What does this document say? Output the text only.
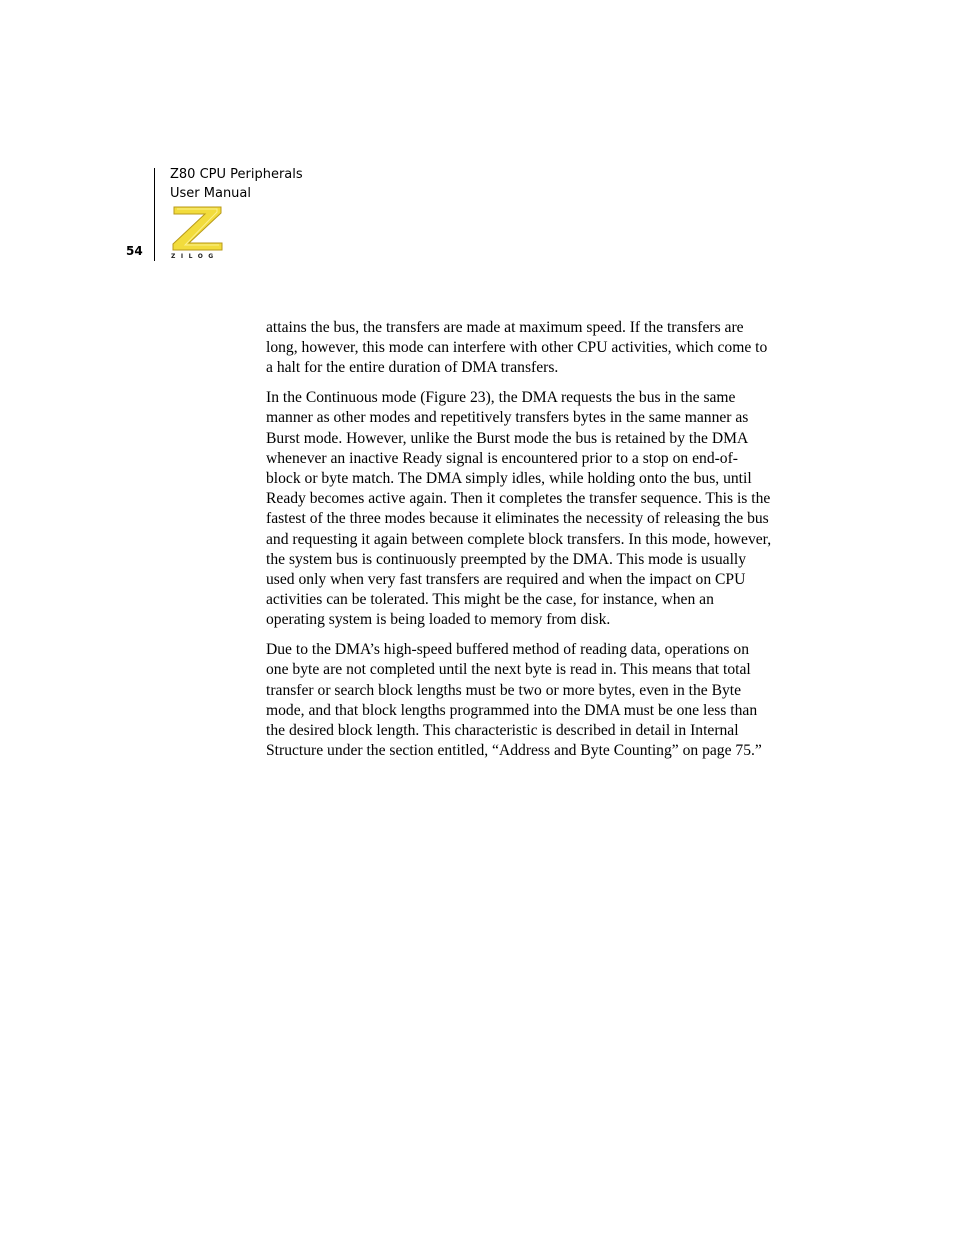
Z80 CPU Peripherals
User Manual
54	ZILOG

attains the bus, the transfers are made at maximum speed. If the transfers are long, however, this mode can interfere with other CPU activities, which come to a halt for the entire duration of DMA transfers.

In the Continuous mode (Figure 23), the DMA requests the bus in the same manner as other modes and repetitively transfers bytes in the same manner as Burst mode. However, unlike the Burst mode the bus is retained by the DMA whenever an inactive Ready signal is encountered prior to a stop on end-of-block or byte match. The DMA simply idles, while holding onto the bus, until Ready becomes active again. Then it completes the transfer sequence. This is the fastest of the three modes because it eliminates the necessity of releasing the bus and requesting it again between complete block transfers. In this mode, however, the system bus is continuously preempted by the DMA. This mode is usually used only when very fast transfers are required and when the impact on CPU activities can be tolerated. This might be the case, for instance, when an operating system is being loaded to memory from disk.

Due to the DMA’s high-speed buffered method of reading data, operations on one byte are not completed until the next byte is read in. This means that total transfer or search block lengths must be two or more bytes, even in the Byte mode, and that block lengths programmed into the DMA must be one less than the desired block length. This characteristic is described in detail in Internal Structure under the section entitled, “Address and Byte Counting” on page 75.”
